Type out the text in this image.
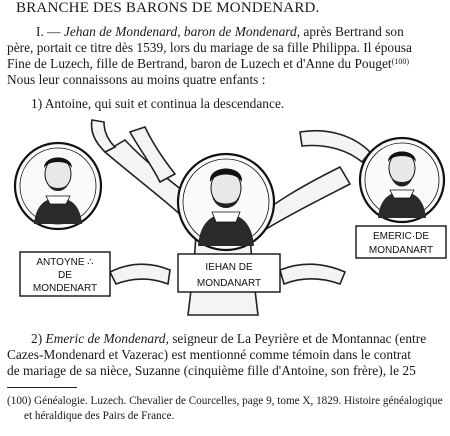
BRANCHE DES BARONS DE MONDENARD.
I. — Jehan de Mondenard, baron de Mondenard, après Bertrand son
père, portait ce titre dès 1539, lors du mariage de sa fille Philippa. Il épousa
Fine de Luzech, fille de Bertrand, baron de Luzech et d'Anne du Pouget$^{(100)}$
Nous leur connaissons au moins quatre enfants :
1) Antoine, qui suit et continua la descendance.
ANTOYNE ∴
DE
MONDENART
IEHAN DE
MONDANART
EMERIC·DE
MONDANART
2) Emeric de Mondenard, seigneur de La Peyrière et de Montannac (entre
Cazes-Mondenard et Vazerac) est mentionné comme témoin dans le contrat
de mariage de sa nièce, Suzanne (cinquième fille d'Antoine, son frère), le 25
(100) Généalogie. Luzech. Chevalier de Courcelles, page 9, tome X, 1829. Histoire généalogique
et héraldique des Pairs de France.
